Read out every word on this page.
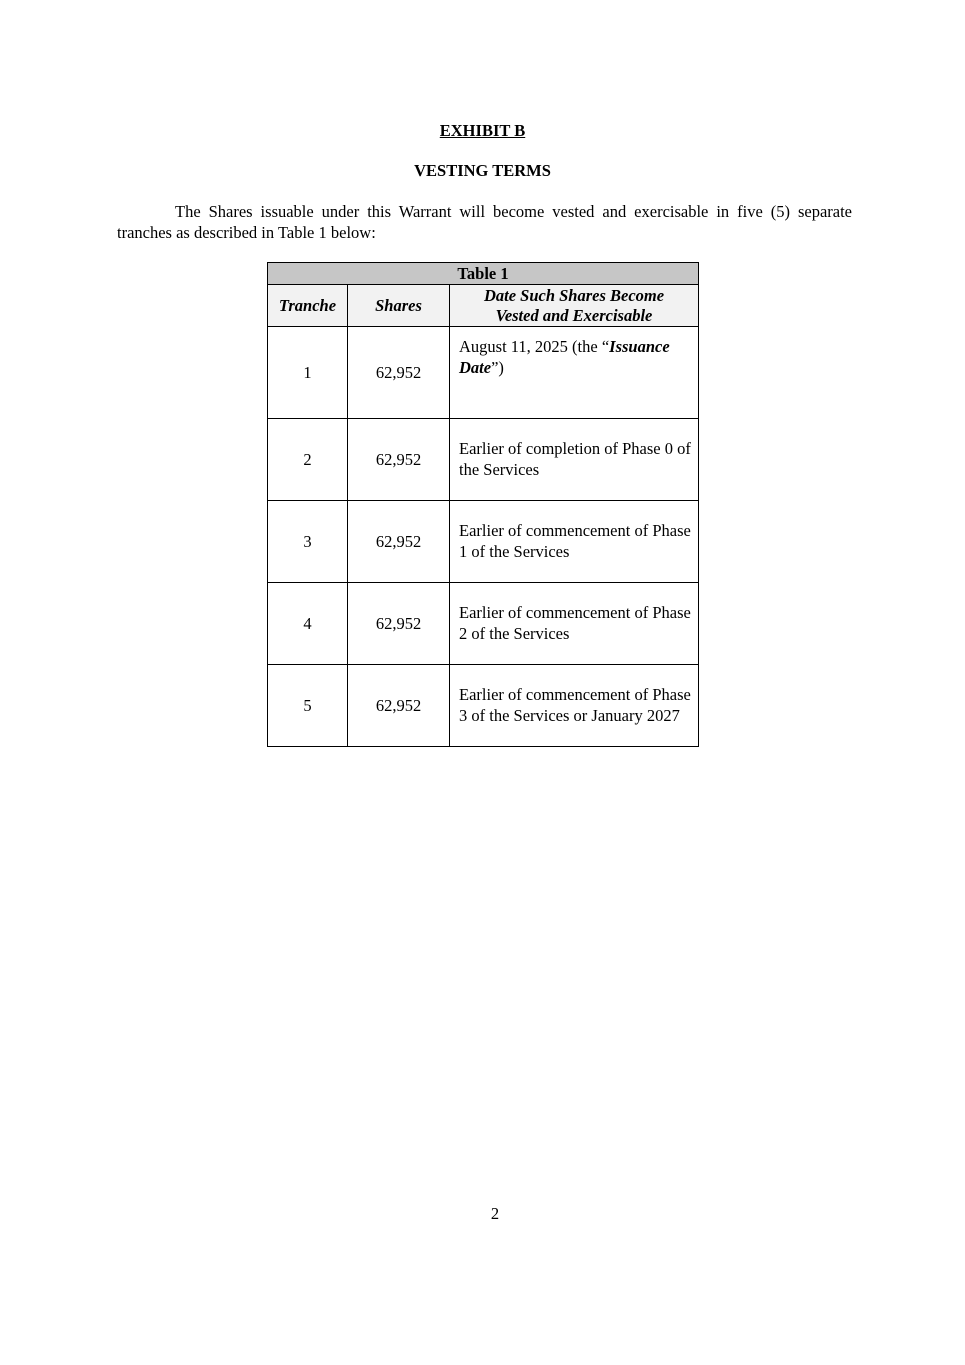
EXHIBIT B
VESTING TERMS

The Shares issuable under this Warrant will become vested and exercisable in five (5) separate tranches as described in Table 1 below:

Table 1		
Tranche	Shares	Date Such Shares Become
Vested and Exercisable
1	62,952	August 11, 2025 (the “Issuance
Date”)
2	62,952	Earlier of completion of Phase 0 of the Services
3	62,952	Earlier of commencement of Phase 1 of the Services
4	62,952	Earlier of commencement of Phase 2 of the Services
5	62,952	Earlier of commencement of Phase 3 of the Services or January 2027
2
